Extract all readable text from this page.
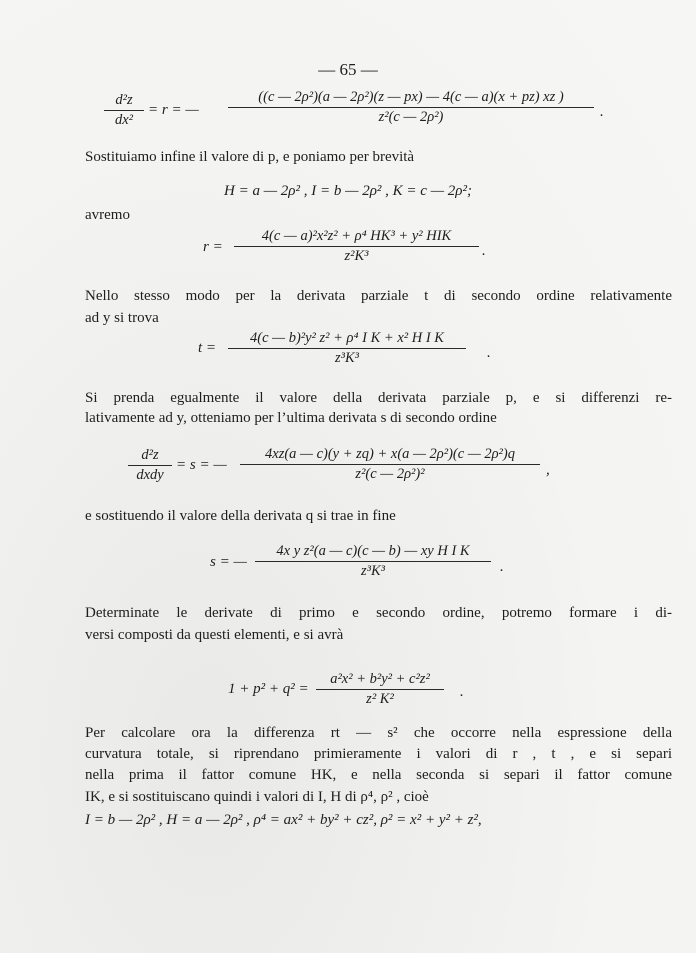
— 65 —
$\frac{\text{d²z}}{\text{dx²}} = r$ = — $\frac{\text{((c — 2ρ²)(a — 2ρ²)(z — px) — 4(c — a)(x + pz) xz )}}{\text{z²(c — 2ρ²)}}$ .
Sostituiamo infine il valore di p, e poniamo per brevità
H = a — 2ρ² , I = b — 2ρ² , K = c — 2ρ²;
avremo
r =
4(c — a)²x²z² + ρ⁴ HK³ + y² HIK
z²K³	.
Nello stesso modo per la derivata parziale t di secondo ordine relativamente
ad y si trova
$t = \frac{\text{4(c — b)²y² z² + ρ⁴ I K + x² H I K}}{\text{z³K³}}$ .
Si prenda egualmente il valore della derivata parziale p, e si differenzi re-
lativamente ad y, otteniamo per l’ultima derivata s di secondo ordine
d²z
dxdy
= s = — $\frac{\text{4xz(a — c)(y + zq) + x(a — 2ρ²)(c — 2ρ²)q}}{\text{z²(c — 2ρ²)²}}$ ,
e sostituendo il valore della derivata q si trae in fine
s = — $\frac{\text{4x y z²(a — c)(c — b) — xy H I K}}{\text{z³K³}}$ .
Determinate le derivate di primo e secondo ordine, potremo formare i di-
versi composti da questi elementi, e si avrà
$1 + p^2 + q^2 = \frac{\text{a²x² + b²y² + c²z²}}{\text{z² K²}}$ .
Per calcolare ora la differenza rt — s² che occorre nella espressione della
curvatura totale, si riprendano primieramente i valori di r , t , e si separi
nella prima il fattor comune HK, e nella seconda si separi il fattor comune
IK, e si sostituiscano quindi i valori di I, H di ρ⁴, ρ² , cioè
I = b — 2ρ² , H = a — 2ρ² , ρ⁴ = ax² + by² + cz², ρ² = x² + y² + z²,
